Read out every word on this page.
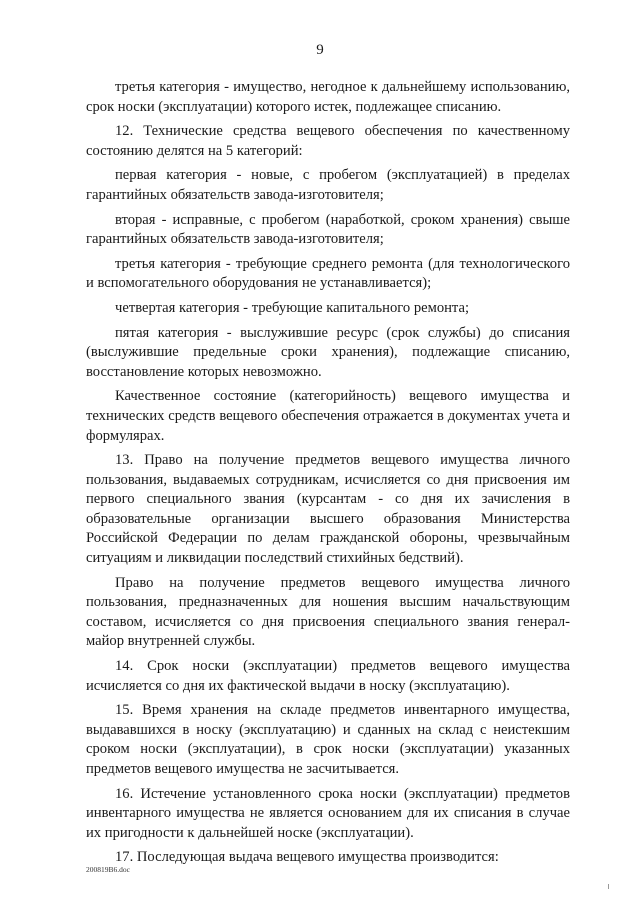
9

третья категория - имущество, негодное к дальнейшему использованию, срок носки (эксплуатации) которого истек, подлежащее списанию.

12. Технические средства вещевого обеспечения по качественному состоянию делятся на 5 категорий:

первая категория - новые, с пробегом (эксплуатацией) в пределах гарантийных обязательств завода-изготовителя;

вторая - исправные, с пробегом (наработкой, сроком хранения) свыше гарантийных обязательств завода-изготовителя;

третья категория - требующие среднего ремонта (для технологического и вспомогательного оборудования не устанавливается);

четвертая категория - требующие капитального ремонта;

пятая категория - выслужившие ресурс (срок службы) до списания (выслужившие предельные сроки хранения), подлежащие списанию, восстановление которых невозможно.

Качественное состояние (категорийность) вещевого имущества и технических средств вещевого обеспечения отражается в документах учета и формулярах.

13. Право на получение предметов вещевого имущества личного пользования, выдаваемых сотрудникам, исчисляется со дня присвоения им первого специального звания (курсантам - со дня их зачисления в образовательные организации высшего образования Министерства Российской Федерации по делам гражданской обороны, чрезвычайным ситуациям и ликвидации последствий стихийных бедствий).

Право на получение предметов вещевого имущества личного пользования, предназначенных для ношения высшим начальствующим составом, исчисляется со дня присвоения специального звания генерал-майор внутренней службы.

14. Срок носки (эксплуатации) предметов вещевого имущества исчисляется со дня их фактической выдачи в носку (эксплуатацию).

15. Время хранения на складе предметов инвентарного имущества, выдававшихся в носку (эксплуатацию) и сданных на склад с неистекшим сроком носки (эксплуатации), в срок носки (эксплуатации) указанных предметов вещевого имущества не засчитывается.

16. Истечение установленного срока носки (эксплуатации) предметов инвентарного имущества не является основанием для их списания в случае их пригодности к дальнейшей носке (эксплуатации).

17. Последующая выдача вещевого имущества производится:

200819B6.doc
